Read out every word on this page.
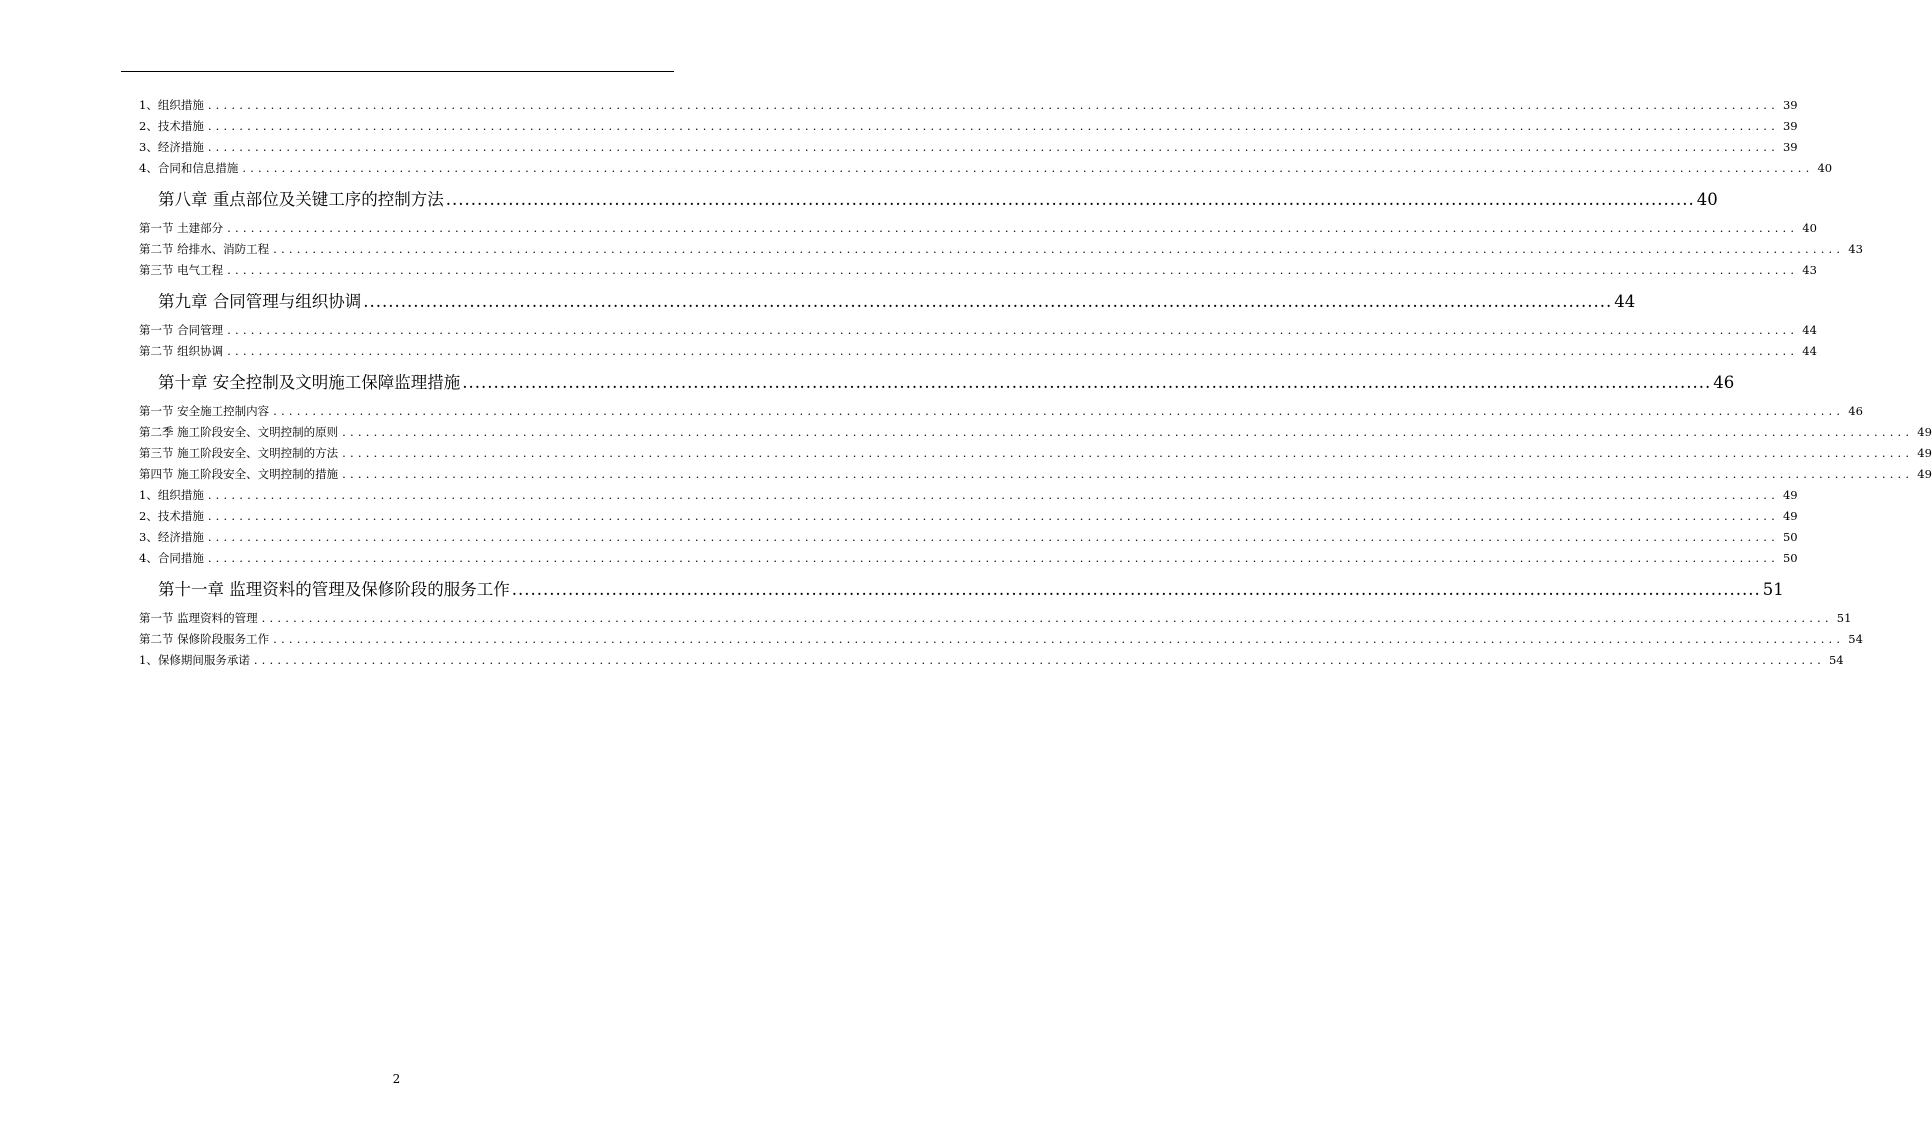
1、组织措施 ........................................................................................................................................................................................................ 39
2、技术措施 ........................................................................................................................................................................................................ 39
3、经济措施 ........................................................................................................................................................................................................ 39
4、合同和信息措施 ........................................................................................................................................................................................................ 40
第八章 重点部位及关键工序的控制方法 ........................................................................................................................................................................................................ 40
第一节 土建部分 ........................................................................................................................................................................................................ 40
第二节 给排水、消防工程 ........................................................................................................................................................................................................ 43
第三节 电气工程 ........................................................................................................................................................................................................ 43
第九章 合同管理与组织协调 ........................................................................................................................................................................................................ 44
第一节 合同管理 ........................................................................................................................................................................................................ 44
第二节 组织协调 ........................................................................................................................................................................................................ 44
第十章 安全控制及文明施工保障监理措施 ........................................................................................................................................................................................................ 46
第一节 安全施工控制内容 ........................................................................................................................................................................................................ 46
第二季 施工阶段安全、文明控制的原则 ........................................................................................................................................................................................................ 49
第三节 施工阶段安全、文明控制的方法 ........................................................................................................................................................................................................ 49
第四节 施工阶段安全、文明控制的措施 ........................................................................................................................................................................................................ 49
1、组织措施 ........................................................................................................................................................................................................ 49
2、技术措施 ........................................................................................................................................................................................................ 49
3、经济措施 ........................................................................................................................................................................................................ 50
4、合同措施 ........................................................................................................................................................................................................ 50
第十一章 监理资料的管理及保修阶段的服务工作 ........................................................................................................................................................................................................ 51
第一节 监理资料的管理 ........................................................................................................................................................................................................ 51
第二节 保修阶段服务工作 ........................................................................................................................................................................................................ 54
1、保修期间服务承诺 ........................................................................................................................................................................................................ 54
2
